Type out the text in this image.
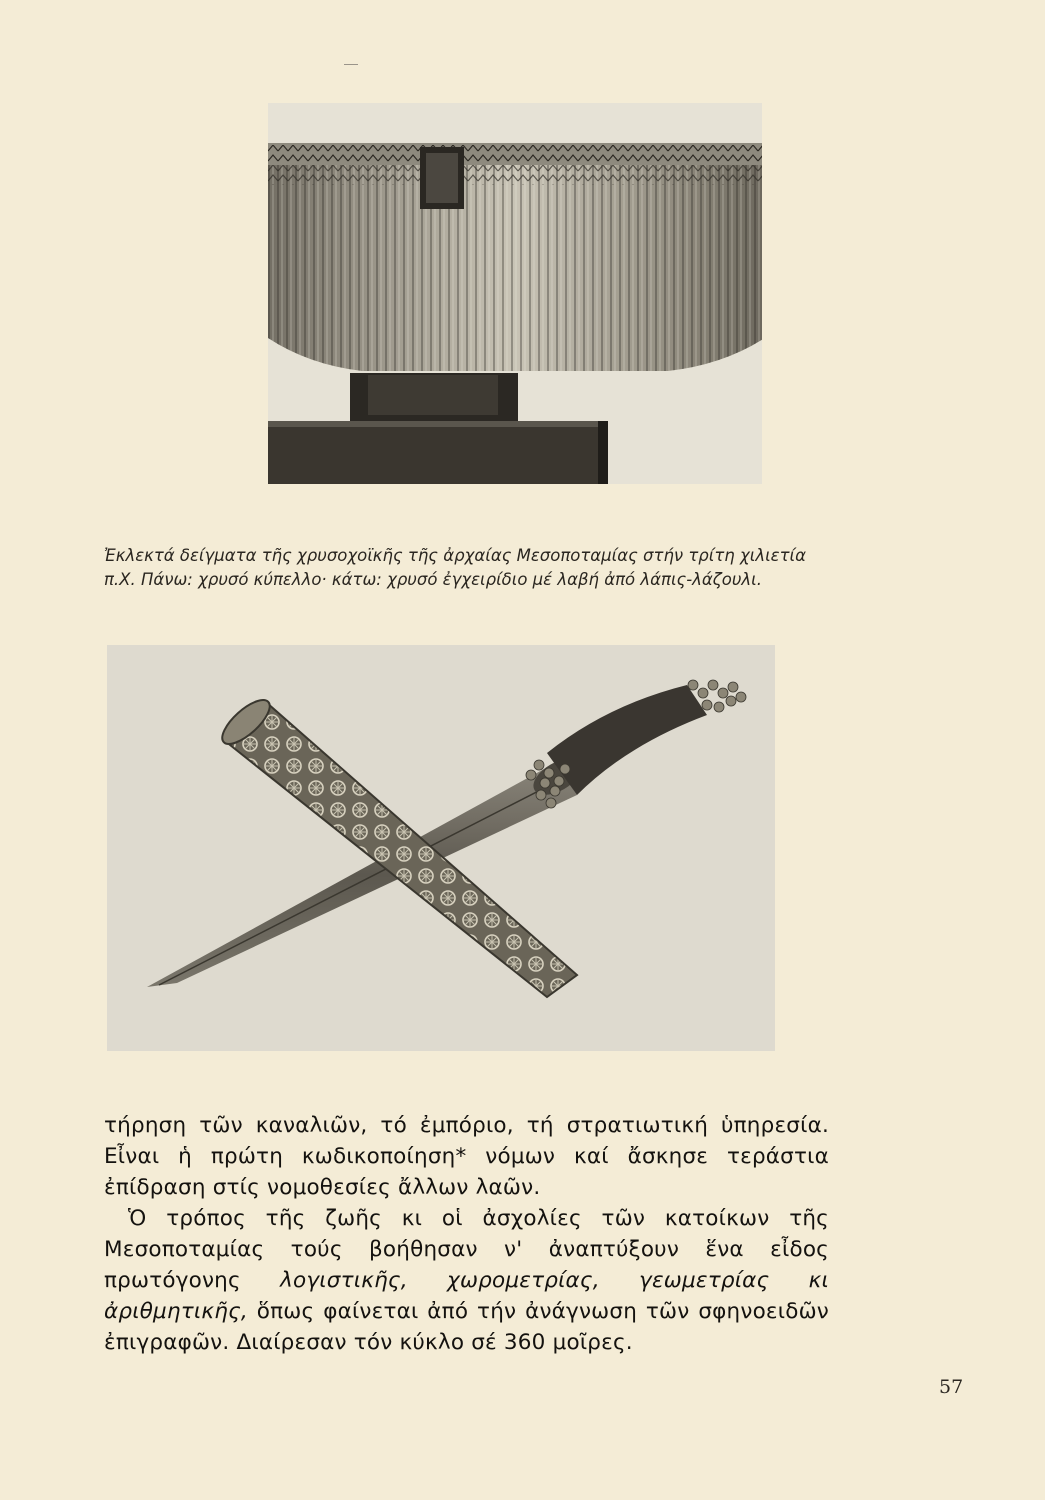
Ἐκλεκτά δείγματα τῆς χρυσοχοϊκῆς τῆς ἀρχαίας Μεσοποταμίας στήν τρίτη χιλιετία

π.Χ. Πάνω: χρυσό κύπελλο· κάτω: χρυσό ἐγχειρίδιο μέ λαβή ἀπό λάπις-λάζουλι.

τήρηση τῶν καναλιῶν, τό ἐμπόριο, τή στρατιωτική ὑπηρεσία. Εἶναι ἡ πρώτη κωδικοποίηση* νόμων καί ἄσκησε τεράστια ἐπίδραση στίς νομοθεσίες ἄλλων λαῶν.

Ὁ τρόπος τῆς ζωῆς κι οἱ ἀσχολίες τῶν κατοίκων τῆς Μεσοποταμίας τούς βοήθησαν ν' ἀναπτύξουν ἕνα εἶδος πρωτόγονης λογιστικῆς, χωρομετρίας, γεωμετρίας κι ἀριθμητικῆς, ὅπως φαίνεται ἀπό τήν ἀνάγνωση τῶν σφηνοειδῶν ἐπιγραφῶν. Διαίρεσαν τόν κύκλο σέ 360 μοῖρες.

57
